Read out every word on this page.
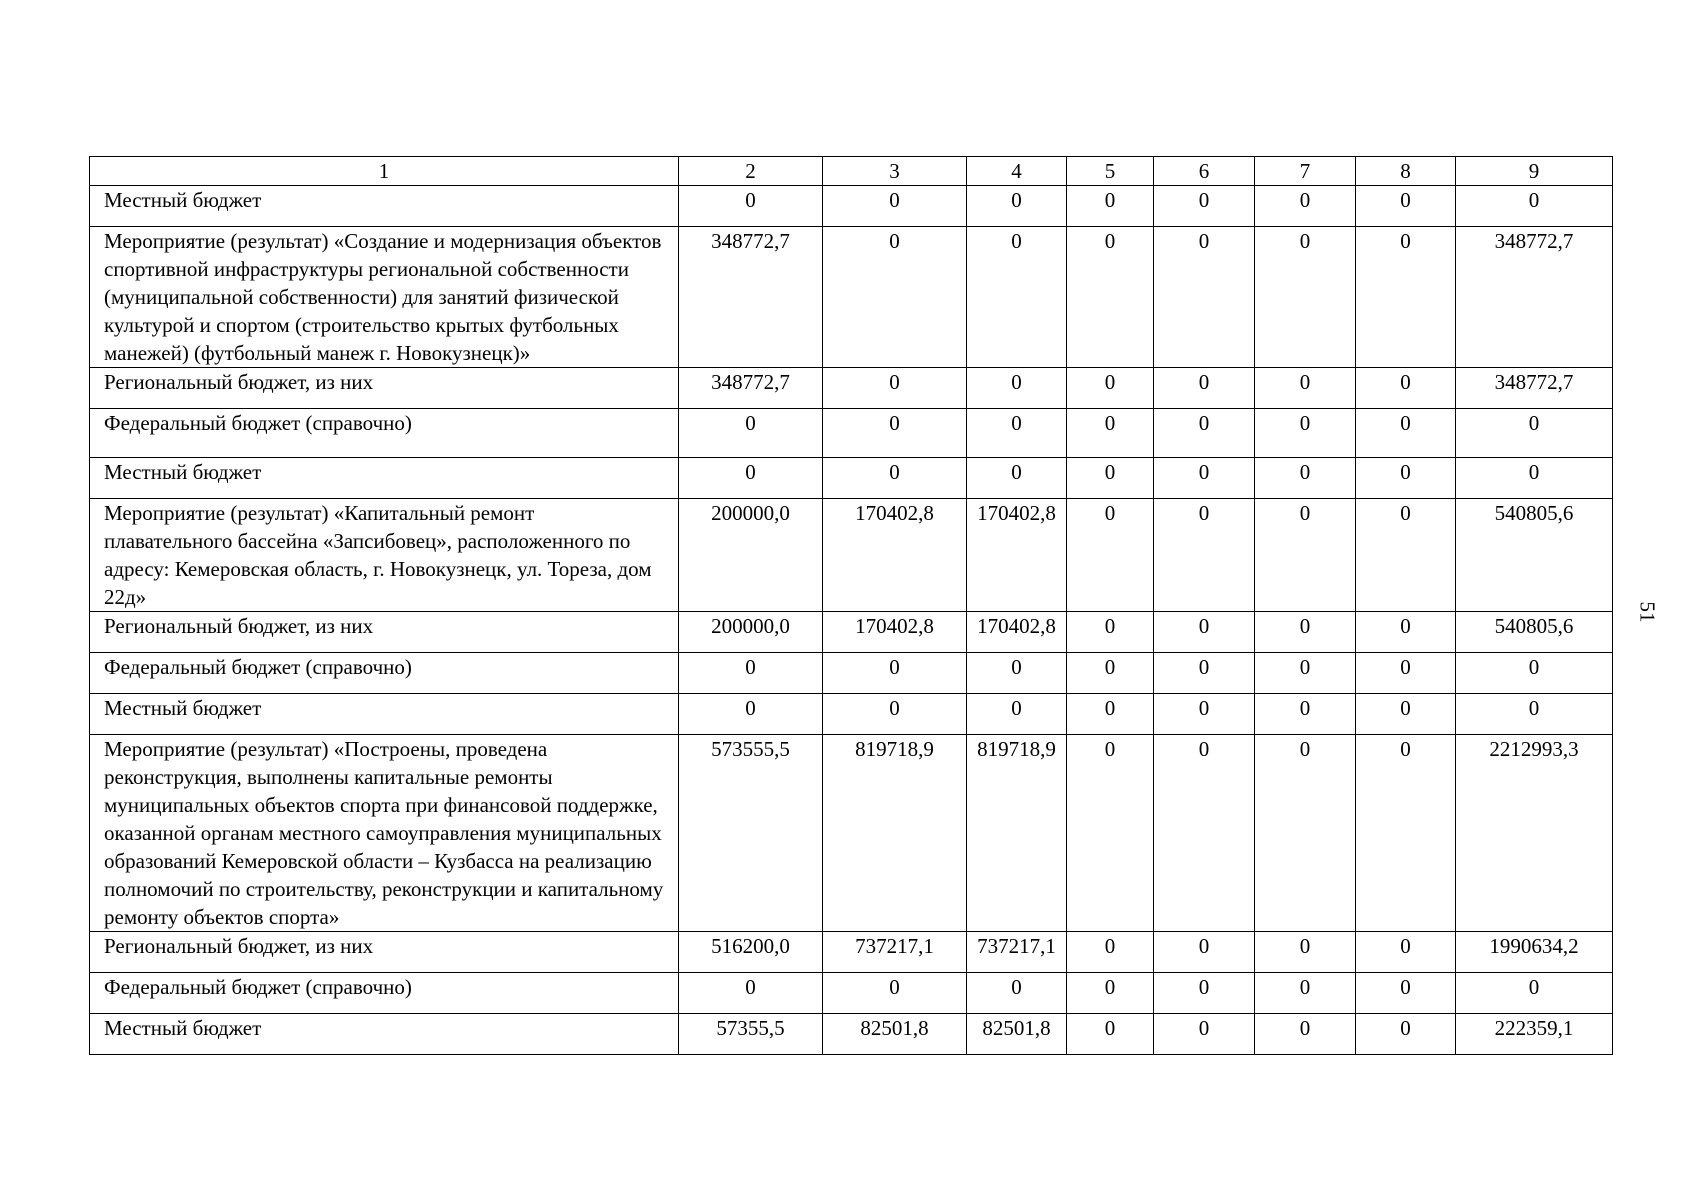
1	2	3	4	5	6	7	8	9
Местный бюджет	0	0	0	0	0	0	0	0
Мероприятие (результат) «Создание и модернизация объектов спортивной инфраструктуры региональной собственности (муниципальной собственности) для занятий физической культурой и спортом (строительство крытых футбольных манежей) (футбольный манеж г. Новокузнецк)»	348772,7	0	0	0	0	0	0	348772,7
Региональный бюджет, из них	348772,7	0	0	0	0	0	0	348772,7
Федеральный бюджет (справочно)	0	0	0	0	0	0	0	0
Местный бюджет	0	0	0	0	0	0	0	0
Мероприятие (результат) «Капитальный ремонт плавательного бассейна «Запсибовец», расположенного по адресу: Кемеровская область, г. Новокузнецк, ул. Тореза, дом 22д»	200000,0	170402,8	170402,8	0	0	0	0	540805,6
Региональный бюджет, из них	200000,0	170402,8	170402,8	0	0	0	0	540805,6
Федеральный бюджет (справочно)	0	0	0	0	0	0	0	0
Местный бюджет	0	0	0	0	0	0	0	0
Мероприятие (результат) «Построены, проведена реконструкция, выполнены капитальные ремонты муниципальных объектов спорта при финансовой поддержке, оказанной органам местного самоуправления муниципальных образований Кемеровской области – Кузбасса на реализацию полномочий по строительству, реконструкции и капитальному ремонту объектов спорта»	573555,5	819718,9	819718,9	0	0	0	0	2212993,3
Региональный бюджет, из них	516200,0	737217,1	737217,1	0	0	0	0	1990634,2
Федеральный бюджет (справочно)	0	0	0	0	0	0	0	0
Местный бюджет	57355,5	82501,8	82501,8	0	0	0	0	222359,1
51
